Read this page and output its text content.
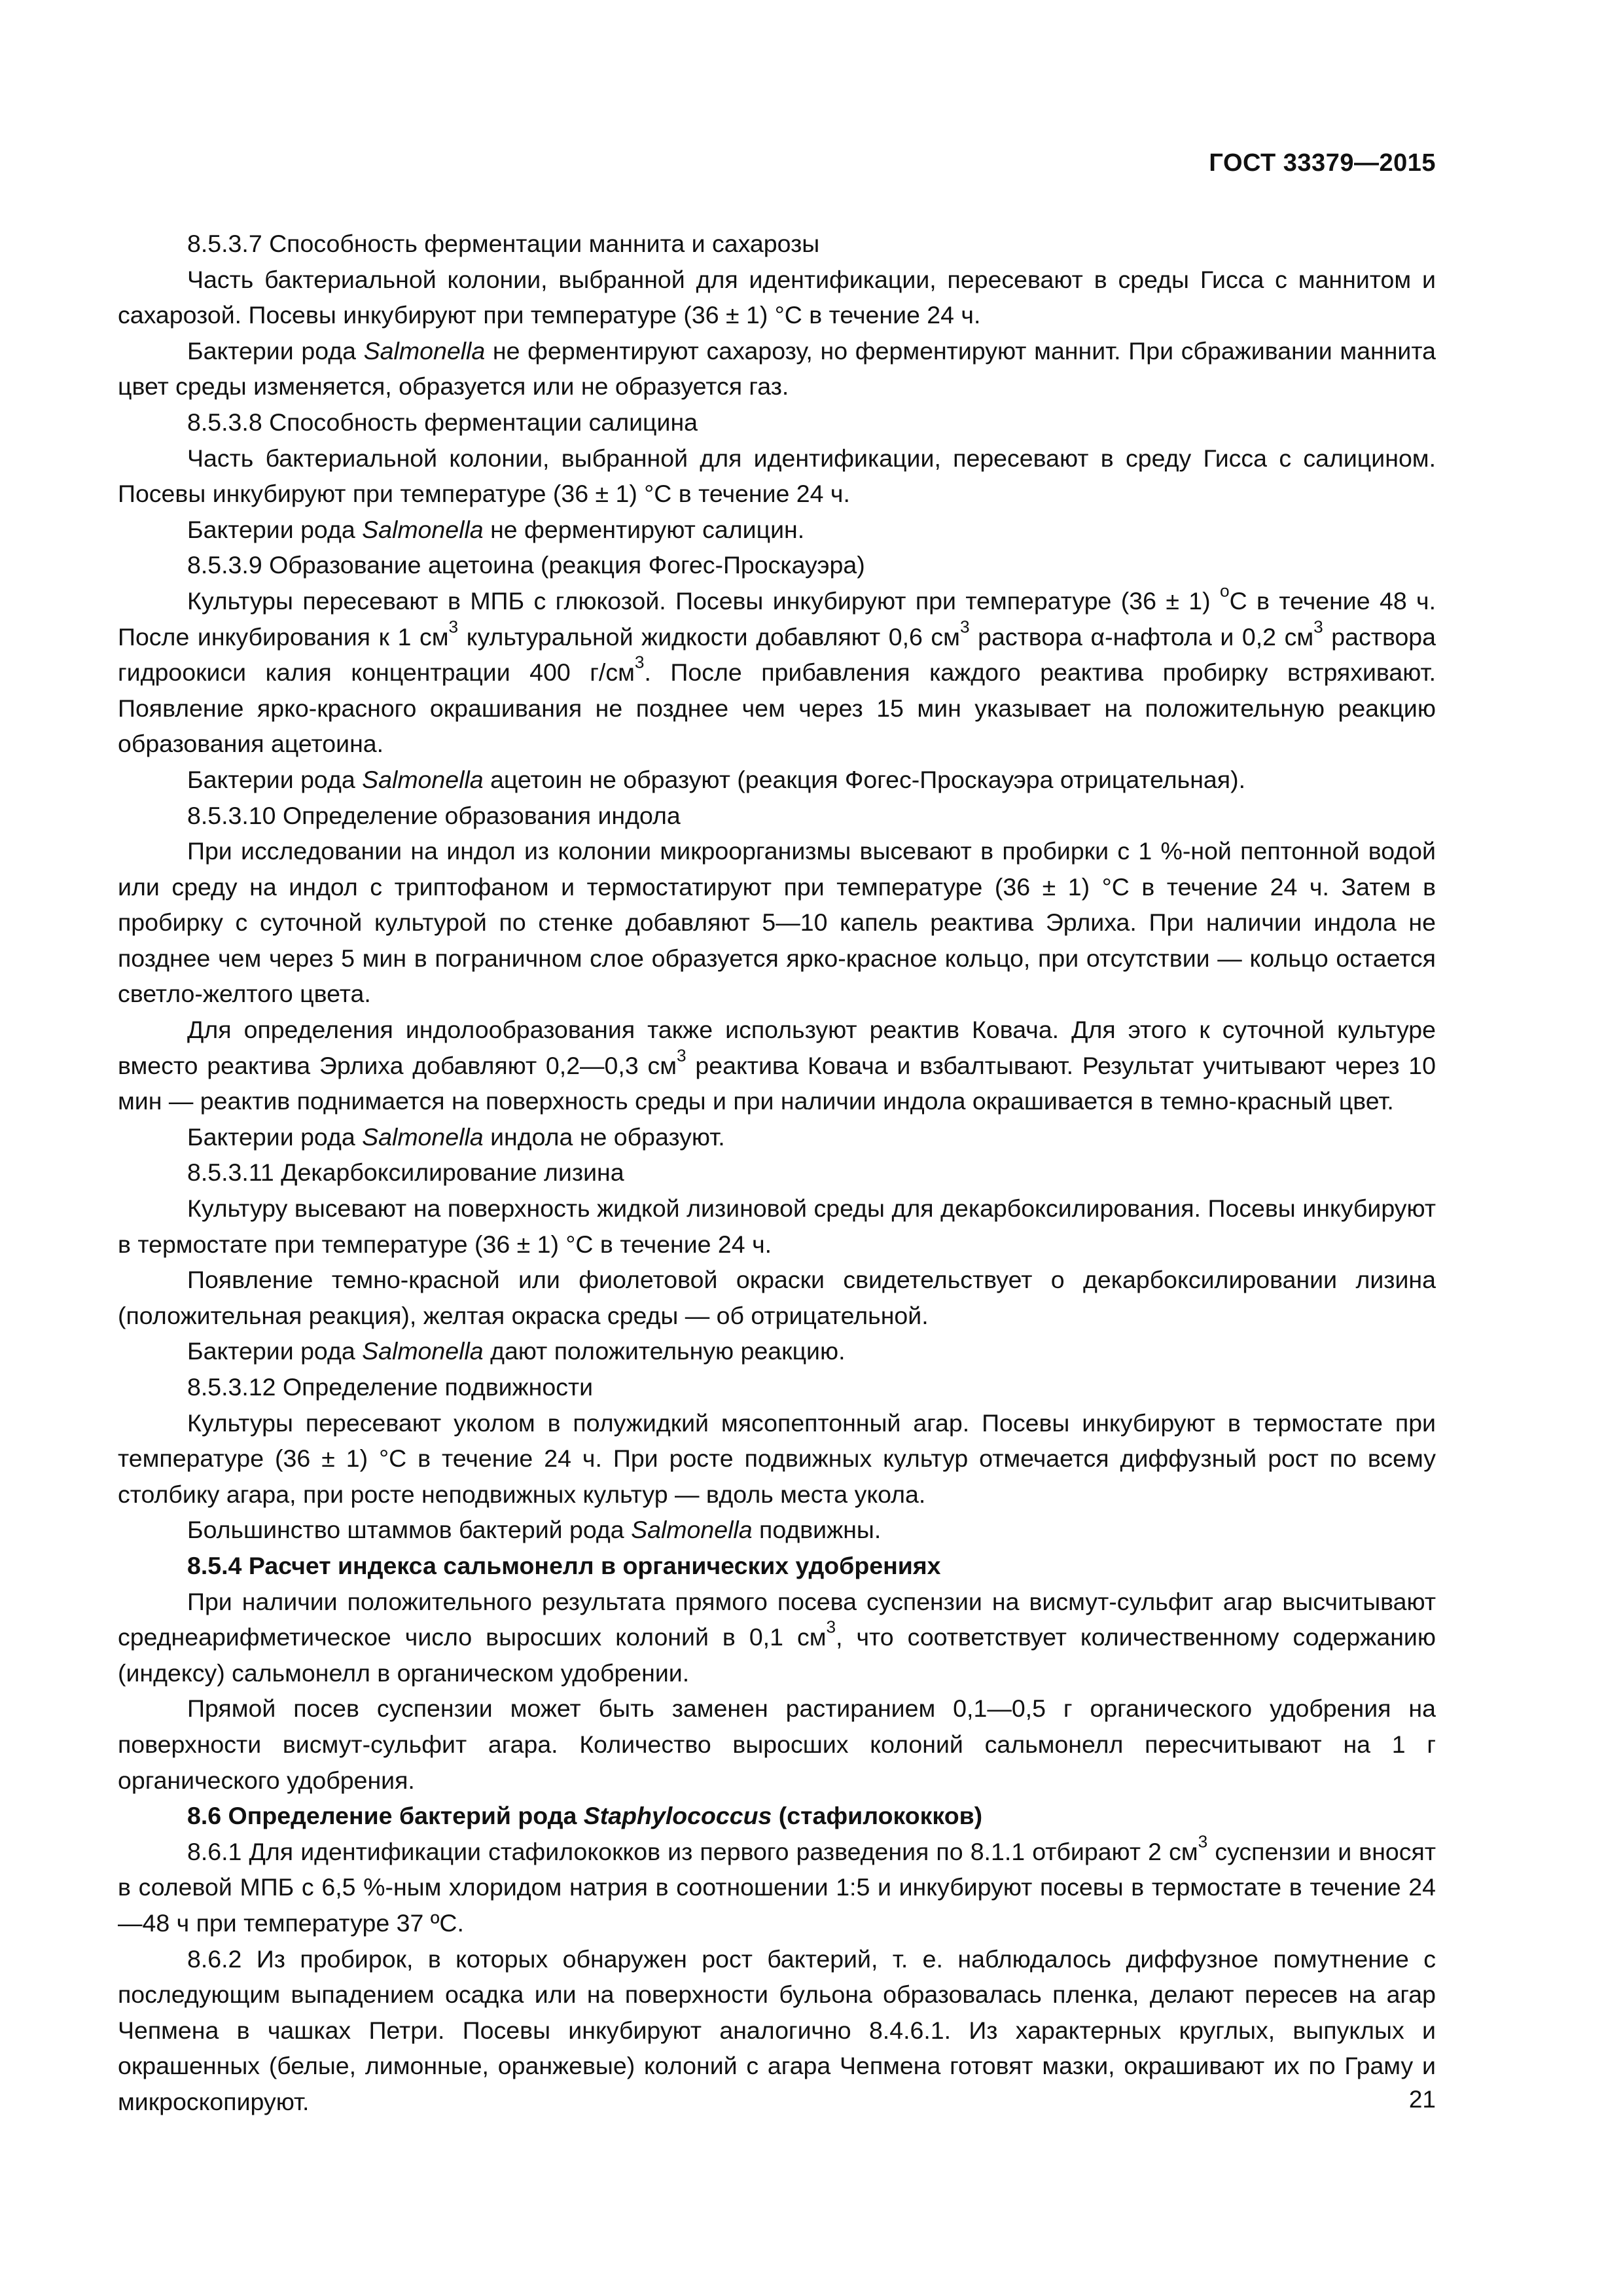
ГОСТ 33379—2015

8.5.3.7 Способность ферментации маннита и сахарозы

Часть бактериальной колонии, выбранной для идентификации, пересевают в среды Гисса с маннитом и сахарозой. Посевы инкубируют при температуре (36 ± 1) °С в течение 24 ч.

Бактерии рода Salmonella не ферментируют сахарозу, но ферментируют маннит. При сбраживании маннита цвет среды изменяется, образуется или не образуется газ.

8.5.3.8 Способность ферментации салицина

Часть бактериальной колонии, выбранной для идентификации, пересевают в среду Гисса с салицином. Посевы инкубируют при температуре (36 ± 1) °С в течение 24 ч.

Бактерии рода Salmonella не ферментируют салицин.

8.5.3.9 Образование ацетоина (реакция Фогес-Проскауэра)

Культуры пересевают в МПБ с глюкозой. Посевы инкубируют при температуре (36 ± 1) $^о$С в течение 48 ч. После инкубирования к 1 $см^3$ культуральной жидкости добавляют 0,6 $см^3$ раствора α-нафтола и 0,2 $см^3$ раствора гидроокиси калия концентрации 400 $г/см^3$. После прибавления каждого реактива пробирку встряхивают. Появление ярко-красного окрашивания не позднее чем через 15 мин указывает на положительную реакцию образования ацетоина.

Бактерии рода Salmonella ацетоин не образуют (реакция Фогес-Проскауэра отрицательная).

8.5.3.10 Определение образования индола

При исследовании на индол из колонии микроорганизмы высевают в пробирки с 1 %-ной пептонной водой или среду на индол с триптофаном и термостатируют при температуре (36 ± 1) °С в течение 24 ч. Затем в пробирку с суточной культурой по стенке добавляют 5—10 капель реактива Эрлиха. При наличии индола не позднее чем через 5 мин в пограничном слое образуется ярко-красное кольцо, при отсутствии — кольцо остается светло-желтого цвета.

Для определения индолообразования также используют реактив Ковача. Для этого к суточной культуре вместо реактива Эрлиха добавляют 0,2—0,3 $см^3$ реактива Ковача и взбалтывают. Результат учитывают через 10 мин — реактив поднимается на поверхность среды и при наличии индола окрашивается в темно-красный цвет.

Бактерии рода Salmonella индола не образуют.

8.5.3.11 Декарбоксилирование лизина

Культуру высевают на поверхность жидкой лизиновой среды для декарбоксилирования. Посевы инкубируют в термостате при температуре (36 ± 1) °С в течение 24 ч.

Появление темно-красной или фиолетовой окраски свидетельствует о декарбоксилировании лизина (положительная реакция), желтая окраска среды — об отрицательной.

Бактерии рода Salmonella дают положительную реакцию.

8.5.3.12 Определение подвижности

Культуры пересевают уколом в полужидкий мясопептонный агар. Посевы инкубируют в термостате при температуре (36 ± 1) °С в течение 24 ч. При росте подвижных культур отмечается диффузный рост по всему столбику агара, при росте неподвижных культур — вдоль места укола.

Большинство штаммов бактерий рода Salmonella подвижны.

8.5.4 Расчет индекса сальмонелл в органических удобрениях

При наличии положительного результата прямого посева суспензии на висмут-сульфит агар высчитывают среднеарифметическое число выросших колоний в 0,1 $см^3$, что соответствует количественному содержанию (индексу) сальмонелл в органическом удобрении.

Прямой посев суспензии может быть заменен растиранием 0,1—0,5 г органического удобрения на поверхности висмут-сульфит агара. Количество выросших колоний сальмонелл пересчитывают на 1 г органического удобрения.

8.6 Определение бактерий рода Staphylococcus (стафилококков)

8.6.1 Для идентификации стафилококков из первого разведения по 8.1.1 отбирают 2 $см^3$ суспензии и вносят в солевой МПБ с 6,5 %-ным хлоридом натрия в соотношении 1:5 и инкубируют посевы в термостате в течение 24—48 ч при температуре 37 ºС.

8.6.2 Из пробирок, в которых обнаружен рост бактерий, т. е. наблюдалось диффузное помутнение с последующим выпадением осадка или на поверхности бульона образовалась пленка, делают пересев на агар Чепмена в чашках Петри. Посевы инкубируют аналогично 8.4.6.1. Из характерных круглых, выпуклых и окрашенных (белые, лимонные, оранжевые) колоний с агара Чепмена готовят мазки, окрашивают их по Граму и микроскопируют.	21
